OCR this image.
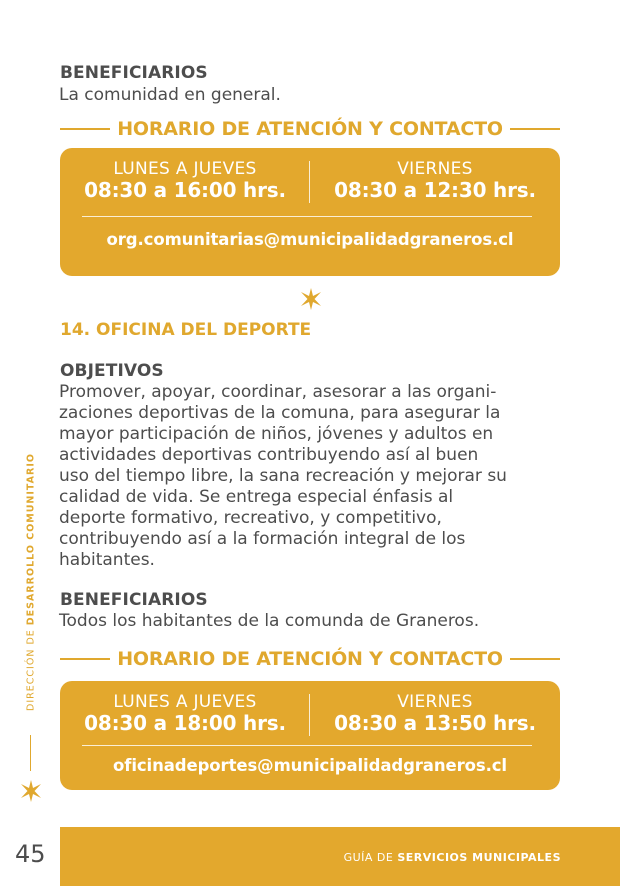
BENEFICIARIOS
La comunidad en general.
HORARIO DE ATENCIÓN Y CONTACTO
LUNES A JUEVES
08:30 a 16:00 hrs.
VIERNES
08:30 a 12:30 hrs.
org.comunitarias@municipalidadgraneros.cl
14. OFICINA DEL DEPORTE
OBJETIVOS
Promover, apoyar, coordinar, asesorar a las organi-
zaciones deportivas de la comuna, para asegurar la
mayor participación de niños, jóvenes y adultos en
actividades deportivas contribuyendo así al buen
uso del tiempo libre, la sana recreación y mejorar su
calidad de vida. Se entrega especial énfasis al
deporte formativo, recreativo, y competitivo,
contribuyendo así a la formación integral de los
habitantes.
BENEFICIARIOS
Todos los habitantes de la comunda de Graneros.
HORARIO DE ATENCIÓN Y CONTACTO
LUNES A JUEVES
08:30 a 18:00 hrs.
VIERNES
08:30 a 13:50 hrs.
oficinadeportes@municipalidadgraneros.cl
DIRECCIÓN DE DESARROLLO COMUNITARIO
45	GUÍA DE SERVICIOS MUNICIPALES
